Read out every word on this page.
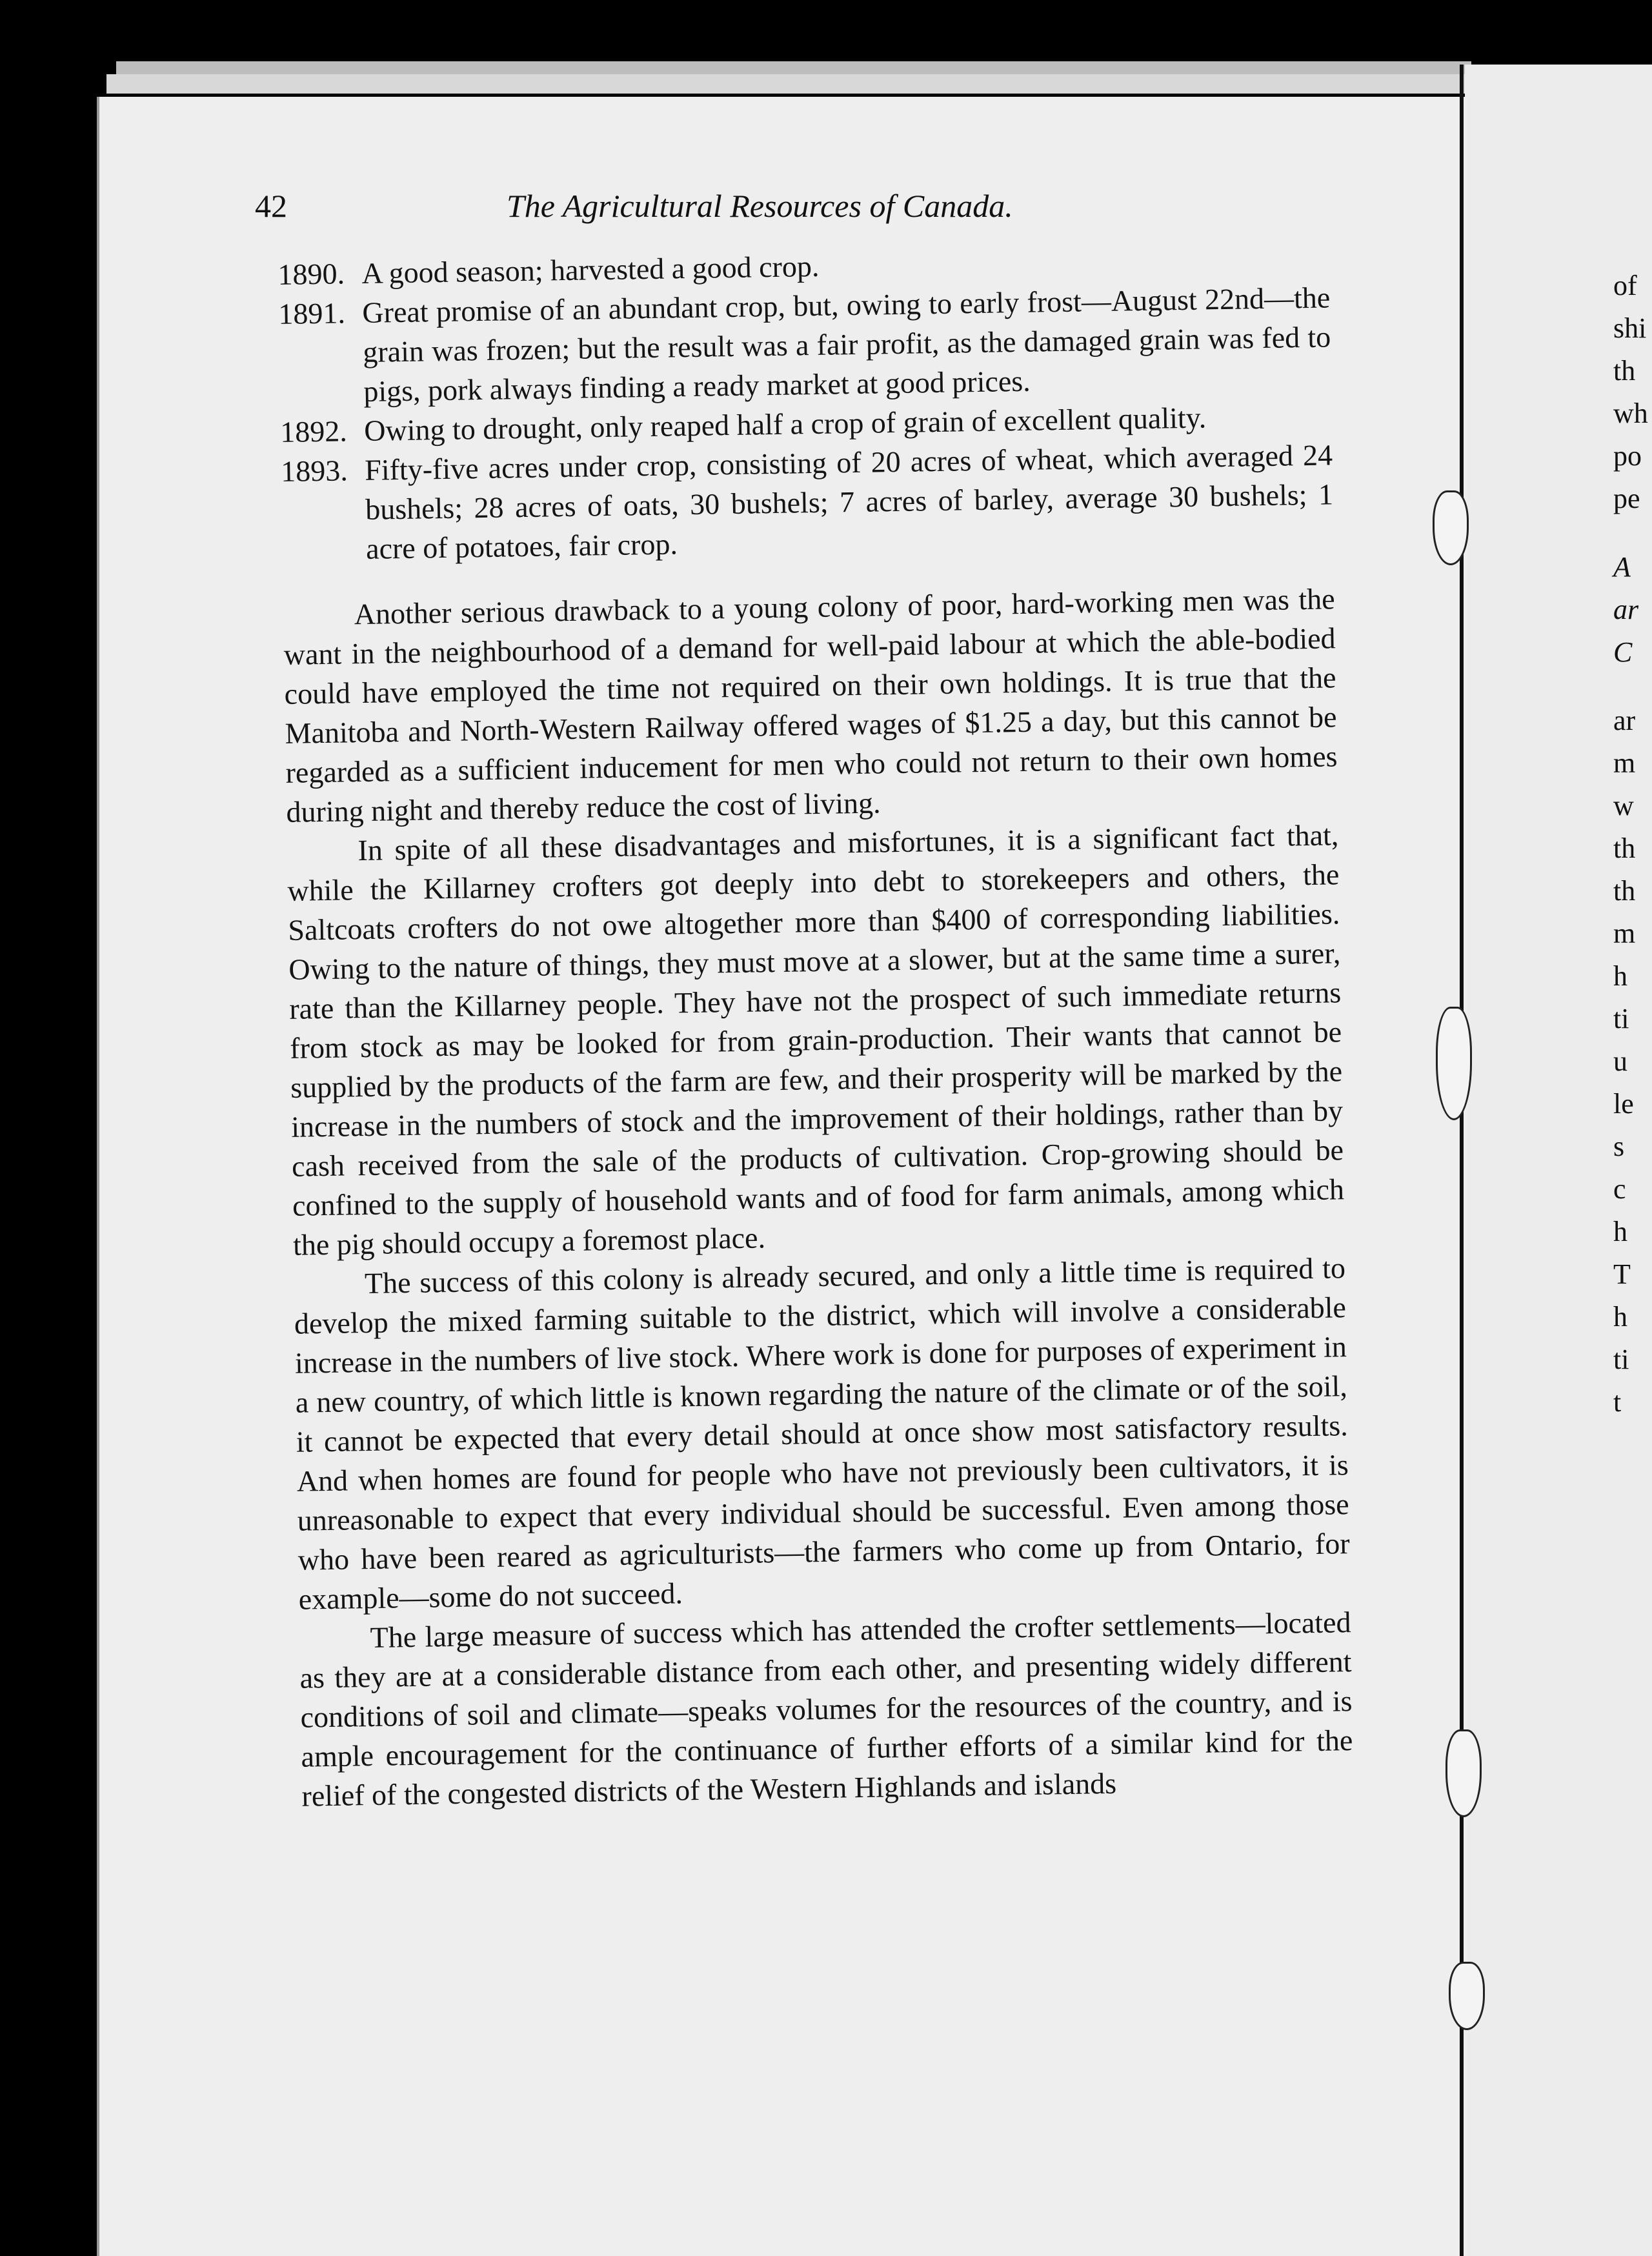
of
shi
th
wh
po
pe
A
ar
C
ar
m
w
th
th
m
h
ti
u
le
s
c
h
T
h
ti
t
42	The Agricultural Resources of Canada.
1890. A good season; harvested a good crop.
1891. Great promise of an abundant crop, but, owing to early frost—August 22nd—the grain was frozen; but the result was a fair profit, as the damaged grain was fed to pigs, pork always finding a ready market at good prices.
1892. Owing to drought, only reaped half a crop of grain of excellent quality.
1893. Fifty-five acres under crop, consisting of 20 acres of wheat, which averaged 24 bushels; 28 acres of oats, 30 bushels; 7 acres of barley, average 30 bushels; 1 acre of potatoes, fair crop.

Another serious drawback to a young colony of poor, hard-working men was the want in the neighbourhood of a demand for well-paid labour at which the able-bodied could have employed the time not required on their own holdings. It is true that the Manitoba and North-Western Railway offered wages of $1.25 a day, but this cannot be regarded as a sufficient inducement for men who could not return to their own homes during night and thereby reduce the cost of living.

In spite of all these disadvantages and misfortunes, it is a significant fact that, while the Killarney crofters got deeply into debt to storekeepers and others, the Saltcoats crofters do not owe altogether more than $400 of corresponding liabilities. Owing to the nature of things, they must move at a slower, but at the same time a surer, rate than the Killarney people. They have not the prospect of such immediate returns from stock as may be looked for from grain-production. Their wants that cannot be supplied by the products of the farm are few, and their prosperity will be marked by the increase in the numbers of stock and the improvement of their holdings, rather than by cash received from the sale of the products of cultivation. Crop-growing should be confined to the supply of household wants and of food for farm animals, among which the pig should occupy a foremost place.

The success of this colony is already secured, and only a little time is required to develop the mixed farming suitable to the district, which will involve a considerable increase in the numbers of live stock. Where work is done for purposes of experiment in a new country, of which little is known regarding the nature of the climate or of the soil, it cannot be expected that every detail should at once show most satisfactory results. And when homes are found for people who have not previously been cultivators, it is unreasonable to expect that every individual should be successful. Even among those who have been reared as agriculturists—the farmers who come up from Ontario, for example—some do not succeed.

The large measure of success which has attended the crofter settlements—located as they are at a considerable distance from each other, and presenting widely different conditions of soil and climate—speaks volumes for the resources of the country, and is ample encouragement for the continuance of further efforts of a similar kind for the relief of the congested districts of the Western Highlands and islands
